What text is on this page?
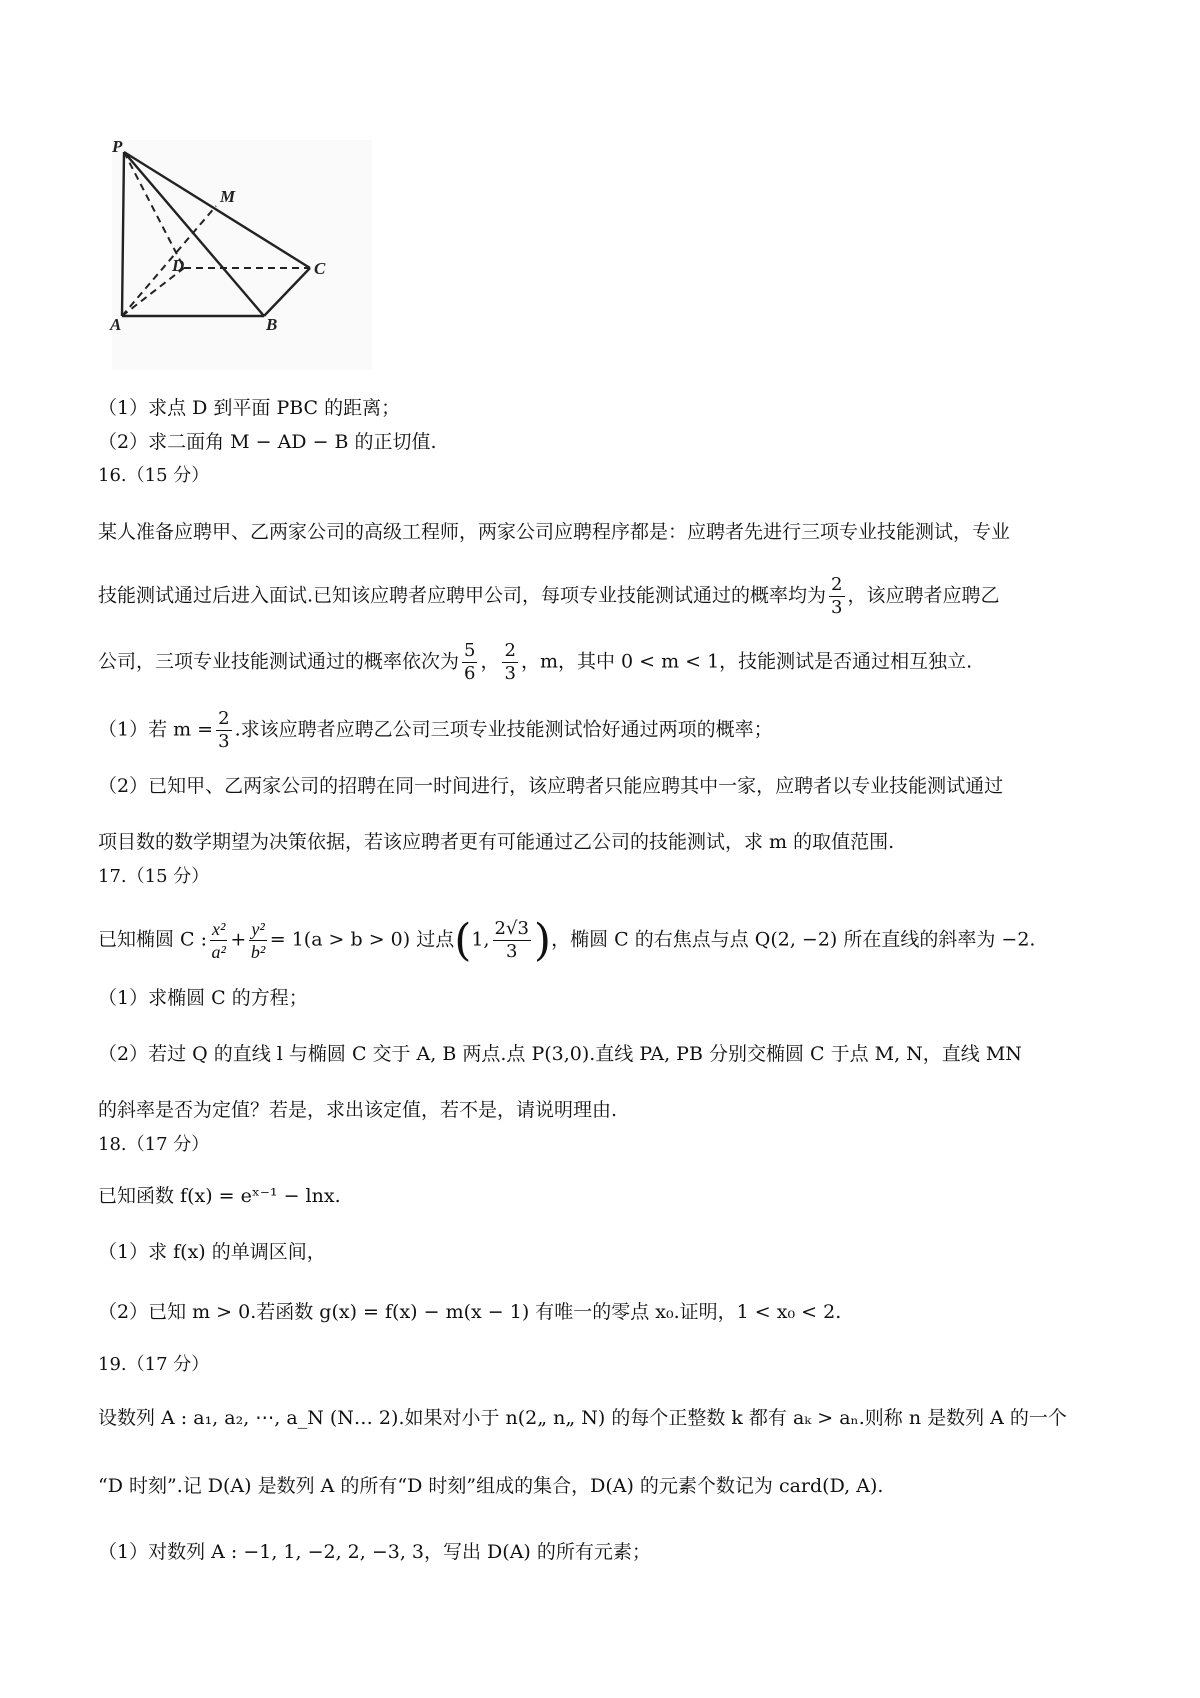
P
M
D	C
A	B
（1）求点 D 到平面 PBC 的距离；
（2）求二面角 M − AD − B 的正切值.
16.（15 分）
某人准备应聘甲、乙两家公司的高级工程师，两家公司应聘程序都是：应聘者先进行三项专业技能测试，专业
技能测试通过后进入面试.已知该应聘者应聘甲公司，每项专业技能测试通过的概率均为 $\frac{2}{3}$ ，该应聘者应聘乙
公司，三项专业技能测试通过的概率依次为 $\frac{5}{6}$ ， $\frac{2}{3}$ ，m，其中 0 < m < 1，技能测试是否通过相互独立.
（1）若 $m = \frac{2}{3}$ .求该应聘者应聘乙公司三项专业技能测试恰好通过两项的概率；
（2）已知甲、乙两家公司的招聘在同一时间进行，该应聘者只能应聘其中一家，应聘者以专业技能测试通过
项目数的数学期望为决策依据，若该应聘者更有可能通过乙公司的技能测试，求 m 的取值范围.
17.（15 分）
已知椭圆 C : $\frac{\text{x²}}{\text{a²}} + \frac{\text{y²}}{\text{b²}} = 1(a > b > 0)$ 过点(1, $\frac{2√3}{3}$ )，椭圆 C 的右焦点与点 Q(2, −2) 所在直线的斜率为 −2.
（1）求椭圆 C 的方程；
（2）若过 Q 的直线 l 与椭圆 C 交于 A, B 两点.点 P(3,0).直线 PA, PB 分别交椭圆 C 于点 M, N，直线 MN
的斜率是否为定值？若是，求出该定值，若不是，请说明理由.
18.（17 分）
已知函数 f(x) = eˣ⁻¹ − lnx.
（1）求 f(x) 的单调区间，
（2）已知 m > 0.若函数 g(x) = f(x) − m(x − 1) 有唯一的零点 x₀.证明，1 < x₀ < 2.
19.（17 分）
设数列 A : a₁, a₂, ⋯, a_N (N… 2).如果对小于 n(2„ n„ N) 的每个正整数 k 都有 aₖ > aₙ.则称 n 是数列 A 的一个
“D 时刻”.记 D(A) 是数列 A 的所有“D 时刻”组成的集合，D(A) 的元素个数记为 card(D, A).
（1）对数列 A : −1, 1, −2, 2, −3, 3，写出 D(A) 的所有元素；
